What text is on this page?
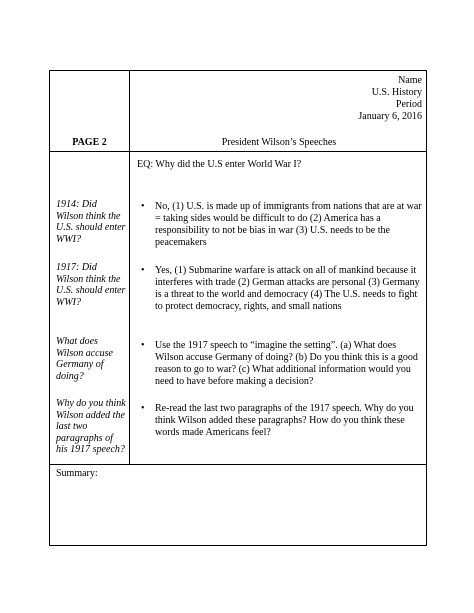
Name
U.S. History
Period
January 6, 2016
PAGE 2	President Wilson’s Speeches
EQ: Why did the U.S enter World War I?
1914: Did Wilson think the U.S. should enter WWI?
1917: Did Wilson think the U.S. should enter WWI?
What does Wilson accuse Germany of doing?
Why do you think Wilson added the last two paragraphs of his 1917 speech?
• No, (1) U.S. is made up of immigrants from nations that are at war = taking sides would be difficult to do (2) America has a responsibility to not be bias in war (3) U.S. needs to be the peacemakers
• Yes, (1) Submarine warfare is attack on all of mankind because it interferes with trade (2) German attacks are personal (3) Germany is a threat to the world and democracy (4) The U.S. needs to fight to protect democracy, rights, and small nations
• Use the 1917 speech to “imagine the setting”. (a) What does Wilson accuse Germany of doing? (b) Do you think this is a good reason to go to war? (c) What additional information would you need to have before making a decision?
• Re-read the last two paragraphs of the 1917 speech. Why do you think Wilson added these paragraphs? How do you think these words made Americans feel?
Summary:
